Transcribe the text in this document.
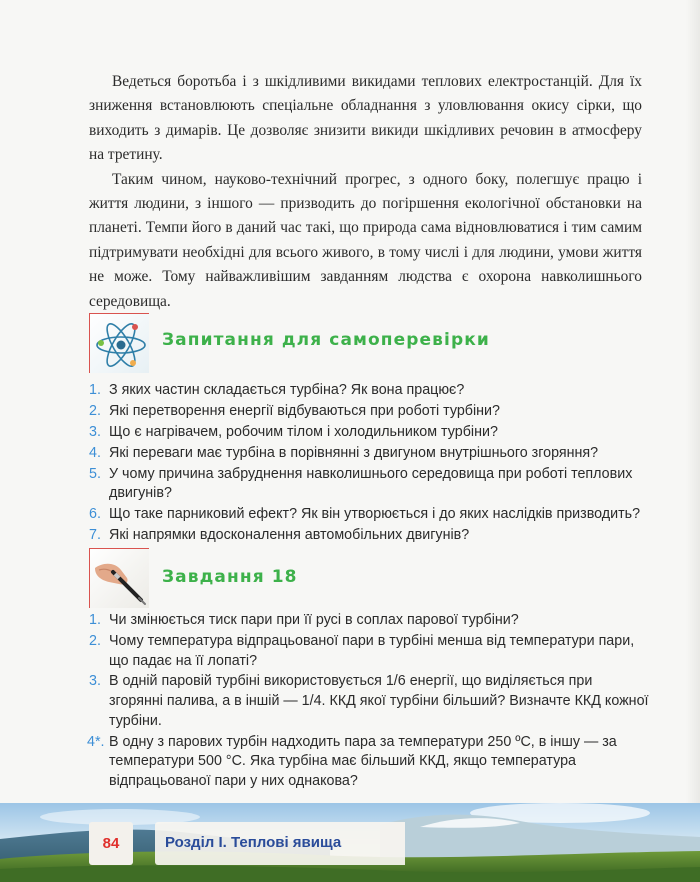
Ведеться боротьба і з шкідливими викидами теплових електростанцій. Для їх зниження встановлюють спеціальне обладнання з уловлювання окису сірки, що виходить з димарів. Це дозволяє знизити викиди шкідливих речовин в атмосферу на третину.

Таким чином, науково-технічний прогрес, з одного боку, полегшує працю і життя людини, з іншого — призводить до погіршення екологічної обстановки на планеті. Темпи його в даний час такі, що природа сама відновлюватися і тим самим підтримувати необхідні для всього живого, в тому числі і для людини, умови життя не може. Тому найважливішим завданням людства є охорона навколишнього середовища.

Запитання для самоперевірки
1. З яких частин складається турбіна? Як вона працює?
2. Які перетворення енергії відбуваються при роботі турбіни?
3. Що є нагрівачем, робочим тілом і холодильником турбіни?
4. Які переваги має турбіна в порівнянні з двигуном внутрішнього згоряння?
5. У чому причина забруднення навколишнього середовища при роботі теплових двигунів?
6. Що таке парниковий ефект? Як він утворюється і до яких наслідків призводить?
7. Які напрямки вдосконалення автомобільних двигунів?
Завдання 18
1. Чи змінюється тиск пари при її русі в соплах парової турбіни?
2. Чому температура відпрацьованої пари в турбіні менша від температури пари, що падає на її лопаті?
3. В одній паровій турбіні використовується 1/6 енергії, що виділяється при згорянні палива, а в іншій — 1/4. ККД якої турбіни більший? Визначте ККД кожної турбіни.
4*. В одну з парових турбін надходить пара за температури 250 ºС, в іншу — за температури 500 °С. Яка турбіна має більший ККД, якщо температура відпрацьованої пари у них однакова?
84	Розділ І. Теплові явища
